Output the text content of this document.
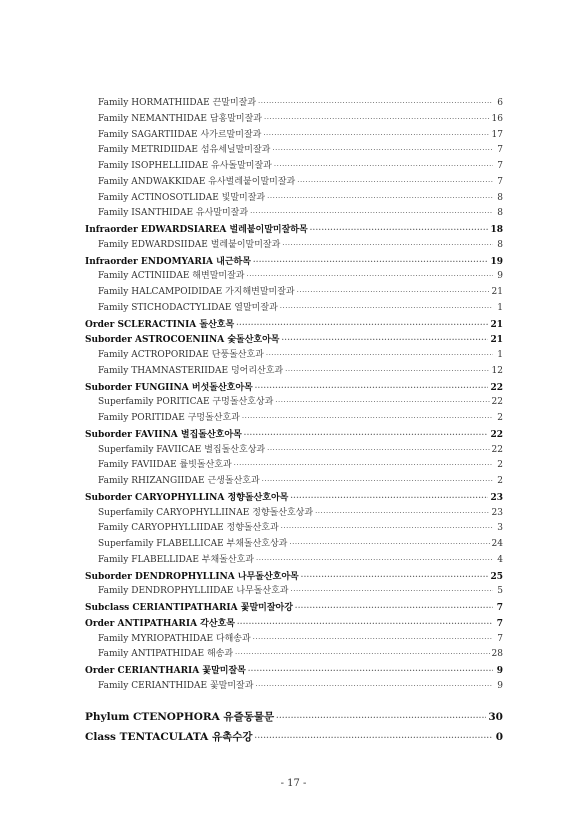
Family HORMATHIIDAE 끈말미잘과 ·····	6
Family NEMANTHIDAE 담홍말미잘과 ·····	16
Family SAGARTIIDAE 사가르말미잘과 ·····	17
Family METRIDIIDAE 섬유세닐말미잘과 ·····	7
Family ISOPHELLIIDAE 유사돌말미잘과 ·····	7
Family ANDWAKKIDAE 유사벌레붙이말미잘과 ·····	7
Family ACTINOSOTLIDAE 빛말미잘과 ·····	8
Family ISANTHIDAE 유사말미잘과 ·····	8
Infraorder EDWARDSIAREA 벌레붙이말미잘하목 ·····	18
Family EDWARDSIIDAE 벌레붙이말미잘과 ·····	8
Infraorder ENDOMYARIA 내근하목 ·····	19
Family ACTINIIDAE 해변말미잘과 ·····	9
Family HALCAMPOIDIDAE 가지해변말미잘과 ·····	21
Family STICHODACTYLIDAE 열말미잘과 ·····	1
Order SCLERACTINIA 돌산호목 ·····	21
Suborder ASTROCOENIINA 숯돌산호아목 ·····	21
Family ACTROPORIDAE 단풍돌산호과 ·····	1
Family THAMNASTERIIDAE 덩어리산호과 ·····	12
Suborder FUNGIINA 버섯돌산호아목 ·····	22
Superfamily PORITICAE 구멍돌산호상과 ·····	22
Family PORITIDAE 구멍돌산호과 ·····	2
Suborder FAVIINA 별집돌산호아목 ·····	22
Superfamily FAVIICAE 별집돌산호상과 ·····	22
Family FAVIIDAE 률빗돌산호과 ·····	2
Family RHIZANGIIDAE 근생돌산호과 ·····	2
Suborder CARYOPHYLLINA 정향돌산호아목 ·····	23
Superfamily CARYOPHYLLIINAE 정향돌산호상과 ·····	23
Family CARYOPHYLLIIDAE 정향돌산호과 ·····	3
Superfamily FLABELLICAE 부채돌산호상과 ·····	24
Family FLABELLIDAE 부채돌산호과 ·····	4
Suborder DENDROPHYLLINA 나무돌산호아목 ·····	25
Family DENDROPHYLLIIDAE 나무돌산호과 ·····	5
Subclass CERIANTIPATHARIA 꽃말미잘아강 ·····	7
Order ANTIPATHARIA 각산호목 ·····	7
Family MYRIOPATHIDAE 다해송과 ·····	7
Family ANTIPATHIDAE 해송과 ·····	28
Order CERIANTHARIA 꽃말미잘목 ·····	9
Family CERIANTHIDAE 꽃말미잘과 ·····	9
Phylum CTENOPHORA 유즐동물문 ·····	30
Class TENTACULATA 유촉수강 ·····	0
- 17 -
